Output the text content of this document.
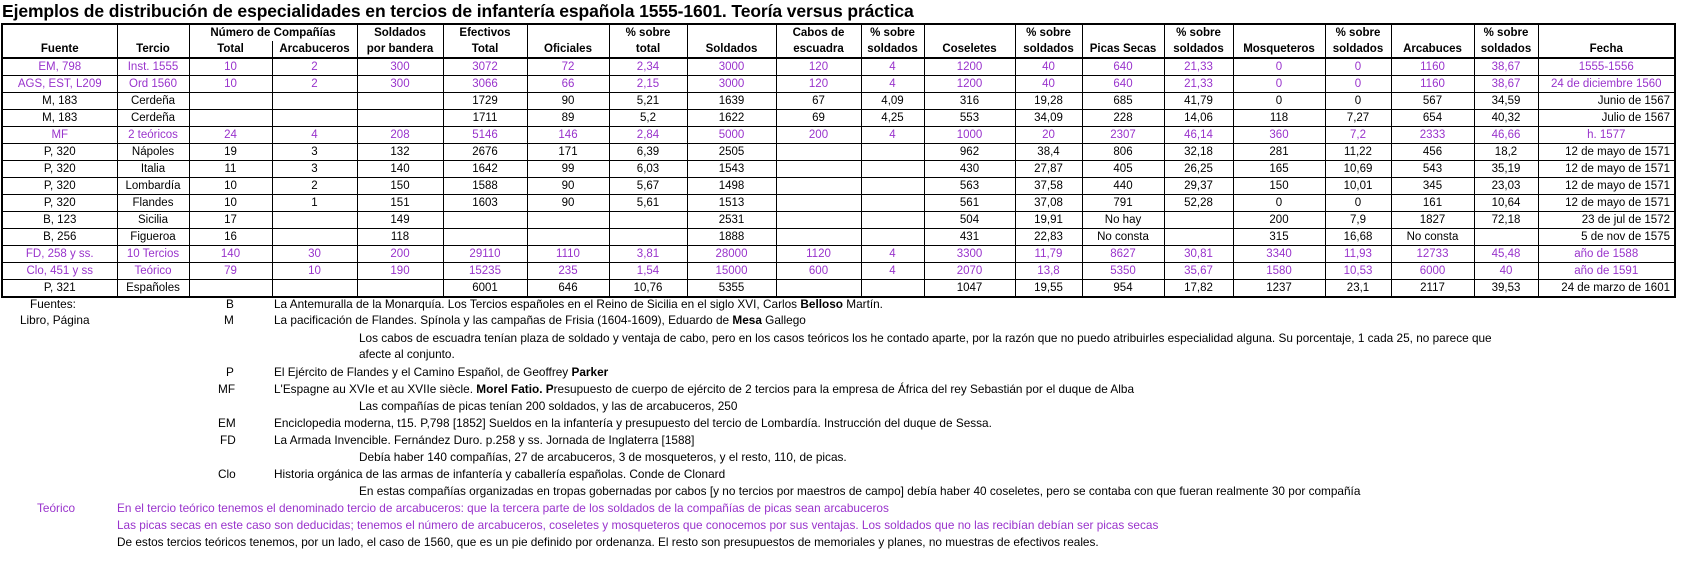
Ejemplos de distribución de especialidades en tercios de infantería española 1555-1601. Teoría versus práctica
		Número de Compañías		Soldados	Efectivos		% sobre		Cabos de	% sobre		% sobre		% sobre		% sobre		% sobre	
Fuente	Tercio	Total	Arcabuceros	por bandera	Total	Oficiales	total	Soldados	escuadra	soldados	Coseletes	soldados	Picas Secas	soldados	Mosqueteros	soldados	Arcabuces	soldados	Fecha
EM, 798	Inst. 1555	10	2	300	3072	72	2,34	3000	120	4	1200	40	640	21,33	0	0	1160	38,67	1555-1556
AGS, EST, L209	Ord 1560	10	2	300	3066	66	2,15	3000	120	4	1200	40	640	21,33	0	0	1160	38,67	24 de diciembre 1560
M, 183	Cerdeña				1729	90	5,21	1639	67	4,09	316	19,28	685	41,79	0	0	567	34,59	Junio de 1567
M, 183	Cerdeña				1711	89	5,2	1622	69	4,25	553	34,09	228	14,06	118	7,27	654	40,32	Julio de 1567
MF	2 teóricos	24	4	208	5146	146	2,84	5000	200	4	1000	20	2307	46,14	360	7,2	2333	46,66	h. 1577
P, 320	Nápoles	19	3	132	2676	171	6,39	2505			962	38,4	806	32,18	281	11,22	456	18,2	12 de mayo de 1571
P, 320	Italia	11	3	140	1642	99	6,03	1543			430	27,87	405	26,25	165	10,69	543	35,19	12 de mayo de 1571
P, 320	Lombardía	10	2	150	1588	90	5,67	1498			563	37,58	440	29,37	150	10,01	345	23,03	12 de mayo de 1571
P, 320	Flandes	10	1	151	1603	90	5,61	1513			561	37,08	791	52,28	0	0	161	10,64	12 de mayo de 1571
B, 123	Sicilia	17		149				2531			504	19,91	No hay		200	7,9	1827	72,18	23 de jul de 1572
B, 256	Figueroa	16		118				1888			431	22,83	No consta		315	16,68	No consta		5 de nov de 1575
FD, 258 y ss.	10 Tercios	140	30	200	29110	1110	3,81	28000	1120	4	3300	11,79	8627	30,81	3340	11,93	12733	45,48	año de 1588
Clo, 451 y ss	Teórico	79	10	190	15235	235	1,54	15000	600	4	2070	13,8	5350	35,67	1580	10,53	6000	40	año de 1591
P, 321	Españoles				6001	646	10,76	5355			1047	19,55	954	17,82	1237	23,1	2117	39,53	24 de marzo de 1601
Fuentes:	B	La Antemuralla de la Monarquía. Los Tercios españoles en el Reino de Sicilia en el siglo XVI, Carlos Belloso Martín.
Libro, Página	M	La pacificación de Flandes. Spínola y las campañas de Frisia (1604-1609), Eduardo de Mesa Gallego
Los cabos de escuadra tenían plaza de soldado y ventaja de cabo, pero en los casos teóricos los he contado aparte, por la razón que no puedo atribuirles especialidad alguna. Su porcentaje, 1 cada 25, no parece que
afecte al conjunto.
P	El Ejército de Flandes y el Camino Español, de Geoffrey Parker
MF	L'Espagne au XVIe et au XVIIe siècle. Morel Fatio. Presupuesto de cuerpo de ejército de 2 tercios para la empresa de África del rey Sebastián por el duque de Alba
Las compañías de picas tenían 200 soldados, y las de arcabuceros, 250
EM	Enciclopedia moderna, t15. P,798 [1852] Sueldos en la infantería y presupuesto del tercio de Lombardía. Instrucción del duque de Sessa.
FD	La Armada Invencible. Fernández Duro. p.258 y ss. Jornada de Inglaterra [1588]
Debía haber 140 compañías, 27 de arcabuceros, 3 de mosqueteros, y el resto, 110, de picas.
Clo	Historia orgánica de las armas de infantería y caballería españolas. Conde de Clonard
En estas compañías organizadas en tropas gobernadas por cabos [y no tercios por maestros de campo] debía haber 40 coseletes, pero se contaba con que fueran realmente 30 por compañía
Teórico	En el tercio teórico tenemos el denominado tercio de arcabuceros: que la tercera parte de los soldados de la compañías de picas sean arcabuceros
Las picas secas en este caso son deducidas; tenemos el número de arcabuceros, coseletes y mosqueteros que conocemos por sus ventajas. Los soldados que no las recibían debían ser picas secas
De estos tercios teóricos tenemos, por un lado, el caso de 1560, que es un pie definido por ordenanza. El resto son presupuestos de memoriales y planes, no muestras de efectivos reales.
